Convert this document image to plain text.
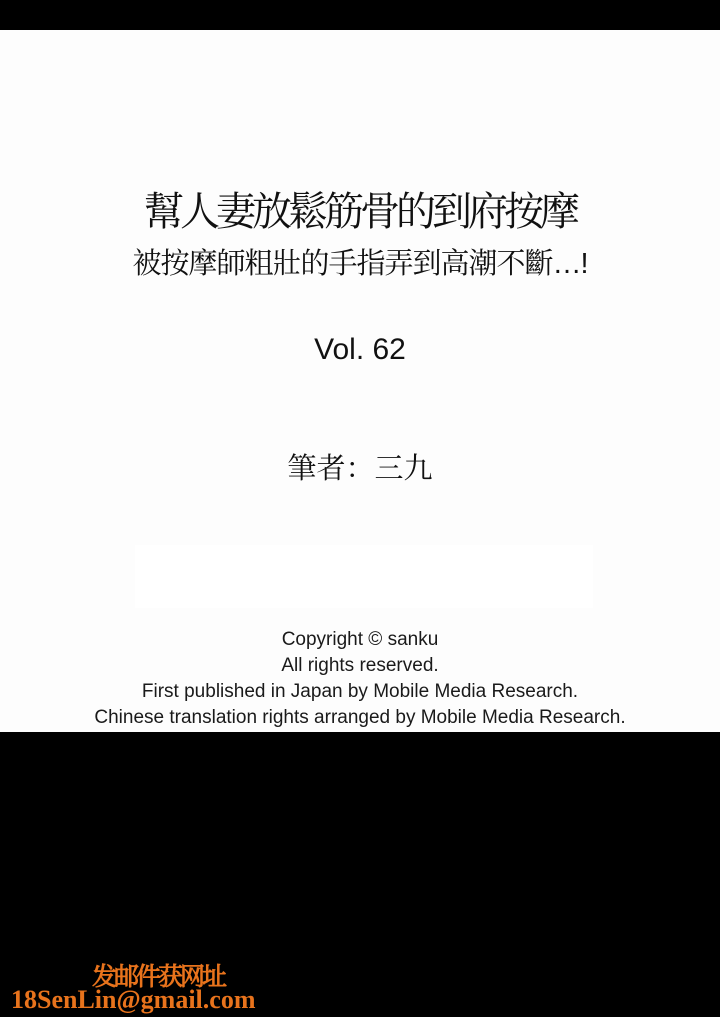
幫人妻放鬆筋骨的到府按摩
被按摩師粗壯的手指弄到高潮不斷…!
Vol. 62
筆者：三九
Copyright © sanku
All rights reserved.
First published in Japan by Mobile Media Research.
Chinese translation rights arranged by Mobile Media Research.
发邮件获网址
18SenLin@gmail.com
